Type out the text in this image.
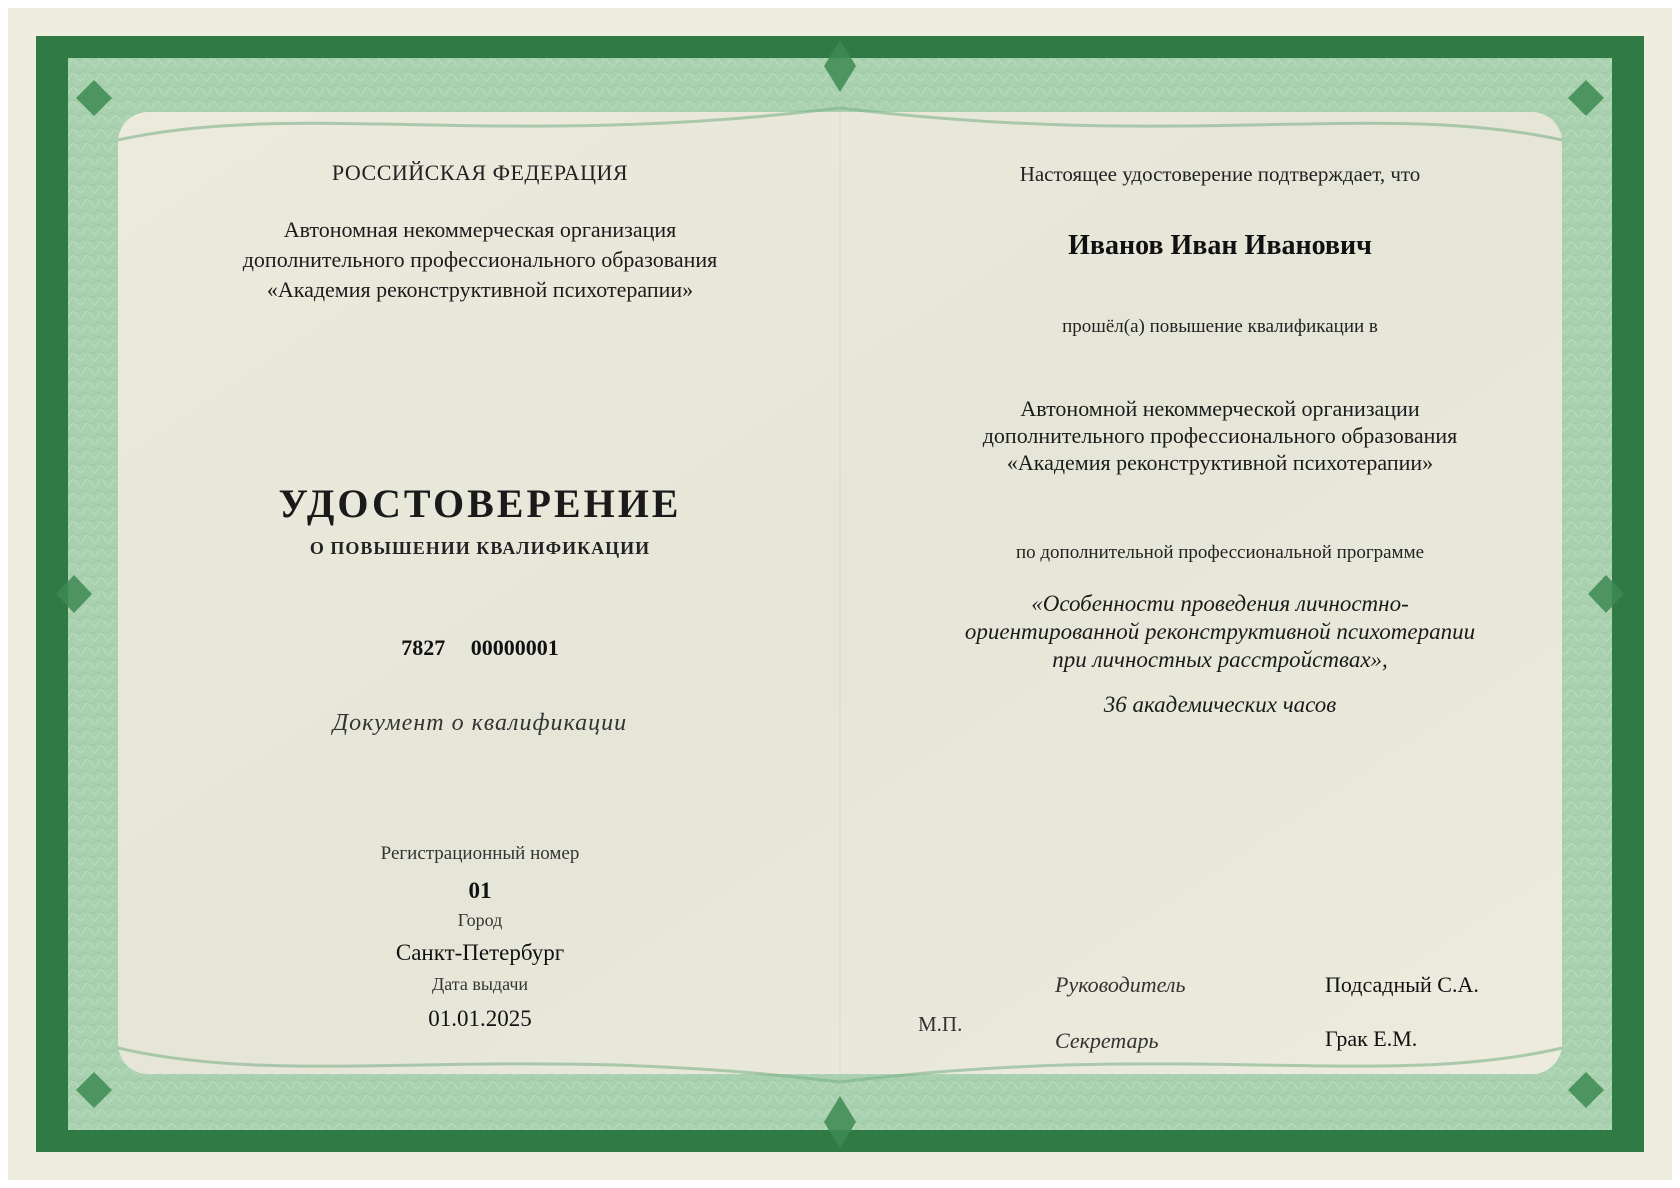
РОССИЙСКАЯ ФЕДЕРАЦИЯ
Автономная некоммерческая организация
дополнительного профессионального образования
«Академия реконструктивной психотерапии»
УДОСТОВЕРЕНИЕ
О ПОВЫШЕНИИ КВАЛИФИКАЦИИ
7827 00000001
Документ о квалификации
Регистрационный номер
01
Город
Санкт-Петербург
Дата выдачи
01.01.2025
Настоящее удостоверение подтверждает, что
Иванов Иван Иванович
прошёл(а) повышение квалификации в
Автономной некоммерческой организации
дополнительного профессионального образования
«Академия реконструктивной психотерапии»
по дополнительной профессиональной программе
«Особенности проведения личностно-
ориентированной реконструктивной психотерапии
при личностных расстройствах»,
36 академических часов
М.П.
Руководитель	Подсадный С.А.
Секретарь	Грак Е.М.
